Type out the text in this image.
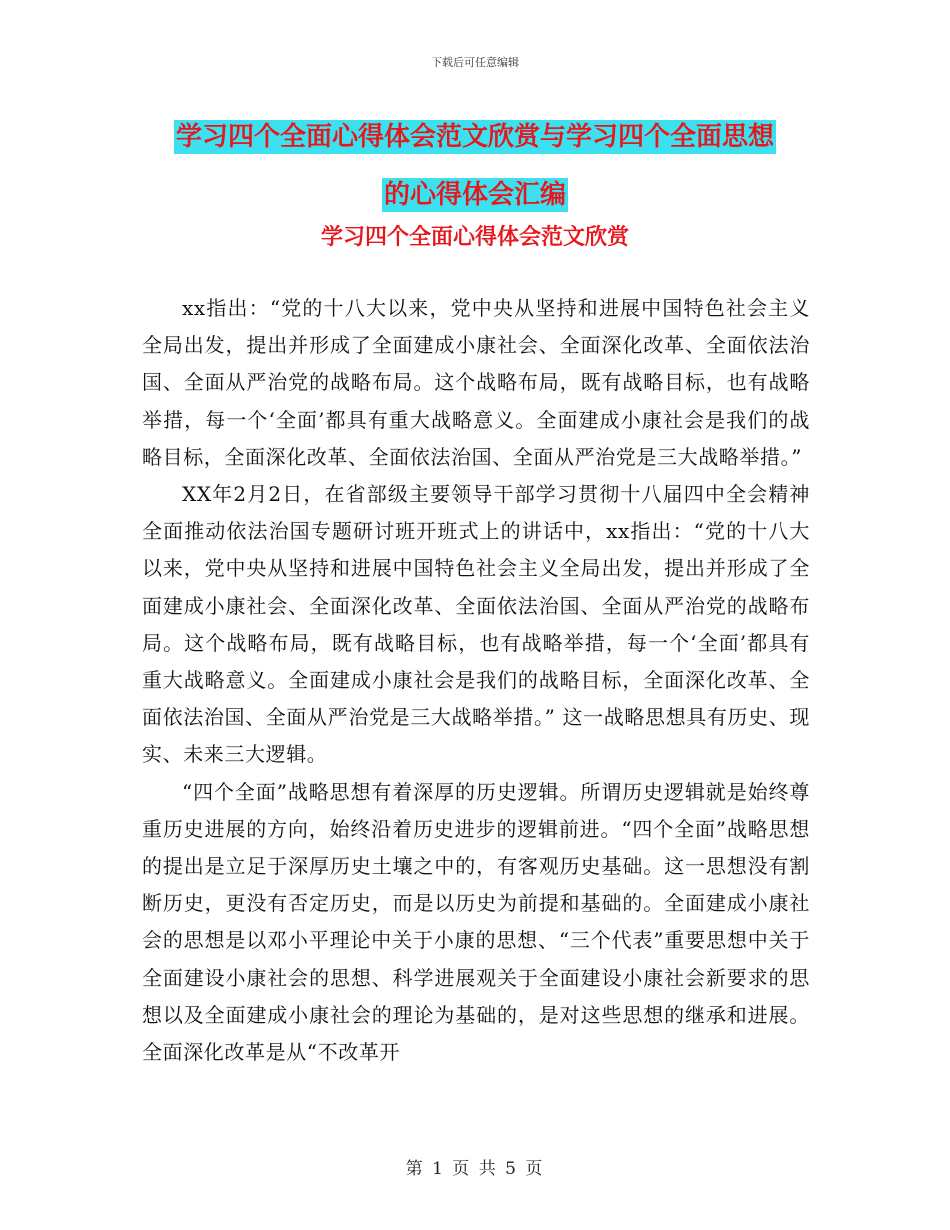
下载后可任意编辑
学习四个全面心得体会范文欣赏与学习四个全面思想
的心得体会汇编
学习四个全面心得体会范文欣赏

xx指出：“党的十八大以来，党中央从坚持和进展中国特色社会主义全局出发，提出并形成了全面建成小康社会、全面深化改革、全面依法治国、全面从严治党的战略布局。这个战略布局，既有战略目标，也有战略举措，每一个‘全面’都具有重大战略意义。全面建成小康社会是我们的战略目标，全面深化改革、全面依法治国、全面从严治党是三大战略举措。”

XX年2月2日，在省部级主要领导干部学习贯彻十八届四中全会精神全面推动依法治国专题研讨班开班式上的讲话中，xx指出：“党的十八大以来，党中央从坚持和进展中国特色社会主义全局出发，提出并形成了全面建成小康社会、全面深化改革、全面依法治国、全面从严治党的战略布局。这个战略布局，既有战略目标，也有战略举措，每一个‘全面’都具有重大战略意义。全面建成小康社会是我们的战略目标，全面深化改革、全面依法治国、全面从严治党是三大战略举措。” 这一战略思想具有历史、现实、未来三大逻辑。

“四个全面”战略思想有着深厚的历史逻辑。所谓历史逻辑就是始终尊重历史进展的方向，始终沿着历史进步的逻辑前进。“四个全面”战略思想的提出是立足于深厚历史土壤之中的，有客观历史基础。这一思想没有割断历史，更没有否定历史，而是以历史为前提和基础的。全面建成小康社会的思想是以邓小平理论中关于小康的思想、“三个代表”重要思想中关于全面建设小康社会的思想、科学进展观关于全面建设小康社会新要求的思想以及全面建成小康社会的理论为基础的，是对这些思想的继承和进展。全面深化改革是从“不改革开

第 1 页 共 5 页
